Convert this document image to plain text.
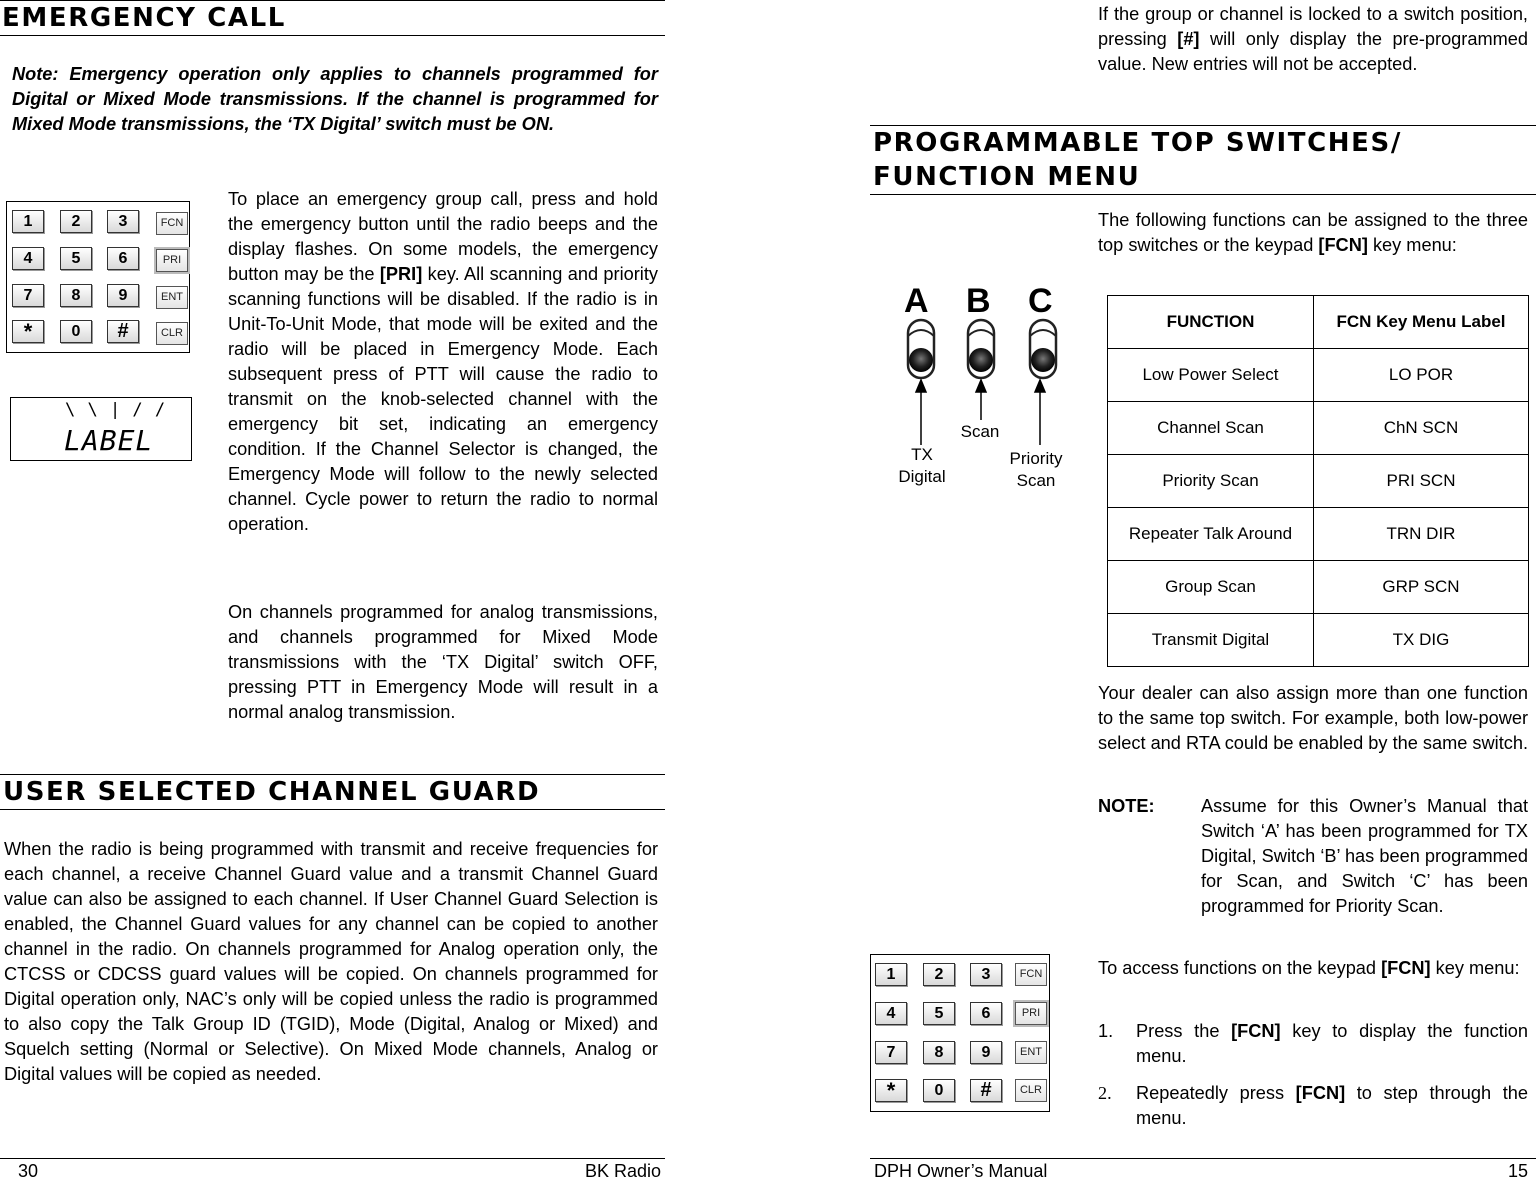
EMERGENCY CALL

Note: Emergency operation only applies to channels programmed for Digital or Mixed Mode transmissions. If the channel is programmed for Mixed Mode transmissions, the ‘TX Digital’ switch must be ON.

1	2	3	FCN
4	5	6	PRI
7	8	9	ENT
*	0	#	CLR
\ \ | / /
LABEL

To place an emergency group call, press and hold the emergency button until the radio beeps and the display flashes. On some models, the emergency button may be the [PRI] key. All scanning and priority scanning functions will be disabled. If the radio is in Unit-To-Unit Mode, that mode will be exited and the radio will be placed in Emergency Mode. Each subsequent press of PTT will cause the radio to transmit on the knob-selected channel with the emergency bit set, indicating an emergency condition. If the Channel Selector is changed, the Emergency Mode will follow to the newly selected channel. Cycle power to return the radio to normal operation.

On channels programmed for analog transmissions, and channels programmed for Mixed Mode transmissions with the ‘TX Digital’ switch OFF, pressing PTT in Emergency Mode will result in a normal analog transmission.

USER SELECTED CHANNEL GUARD

When the radio is being programmed with transmit and receive frequencies for each channel, a receive Channel Guard value and a transmit Channel Guard value can also be assigned to each channel. If User Channel Guard Selection is enabled, the Channel Guard values for any channel can be copied to another channel in the radio. On channels programmed for Analog operation only, the CTCSS or CDCSS guard values will be copied. On channels programmed for Digital operation only, NAC’s only will be copied unless the radio is programmed to also copy the Talk Group ID (TGID), Mode (Digital, Analog or Mixed) and Squelch setting (Normal or Selective). On Mixed Mode channels, Analog or Digital values will be copied as needed.

30	BK Radio

If the group or channel is locked to a switch position, pressing [#] will only display the pre-programmed value. New entries will not be accepted.

PROGRAMMABLE TOP SWITCHES/
FUNCTION MENU

The following functions can be assigned to the three top switches or the keypad [FCN] key menu:

A B C
TX
Digital
Scan
Priority
Scan
FUNCTION	FCN Key Menu Label
Low Power Select	LO POR
Channel Scan	ChN SCN
Priority Scan	PRI SCN
Repeater Talk Around	TRN DIR
Group Scan	GRP SCN
Transmit Digital	TX DIG

Your dealer can also assign more than one function to the same top switch. For example, both low-power select and RTA could be enabled by the same switch.

NOTE:	Assume for this Owner’s Manual that Switch ‘A’ has been programmed for TX Digital, Switch ‘B’ has been programmed for Scan, and Switch ‘C’ has been programmed for Priority Scan.

1	2	3	FCN
4	5	6	PRI
7	8	9	ENT
*	0	#	CLR

To access functions on the keypad [FCN] key menu:

1. Press the [FCN] key to display the function menu.

2. Repeatedly press [FCN] to step through the menu.

DPH Owner’s Manual	15
